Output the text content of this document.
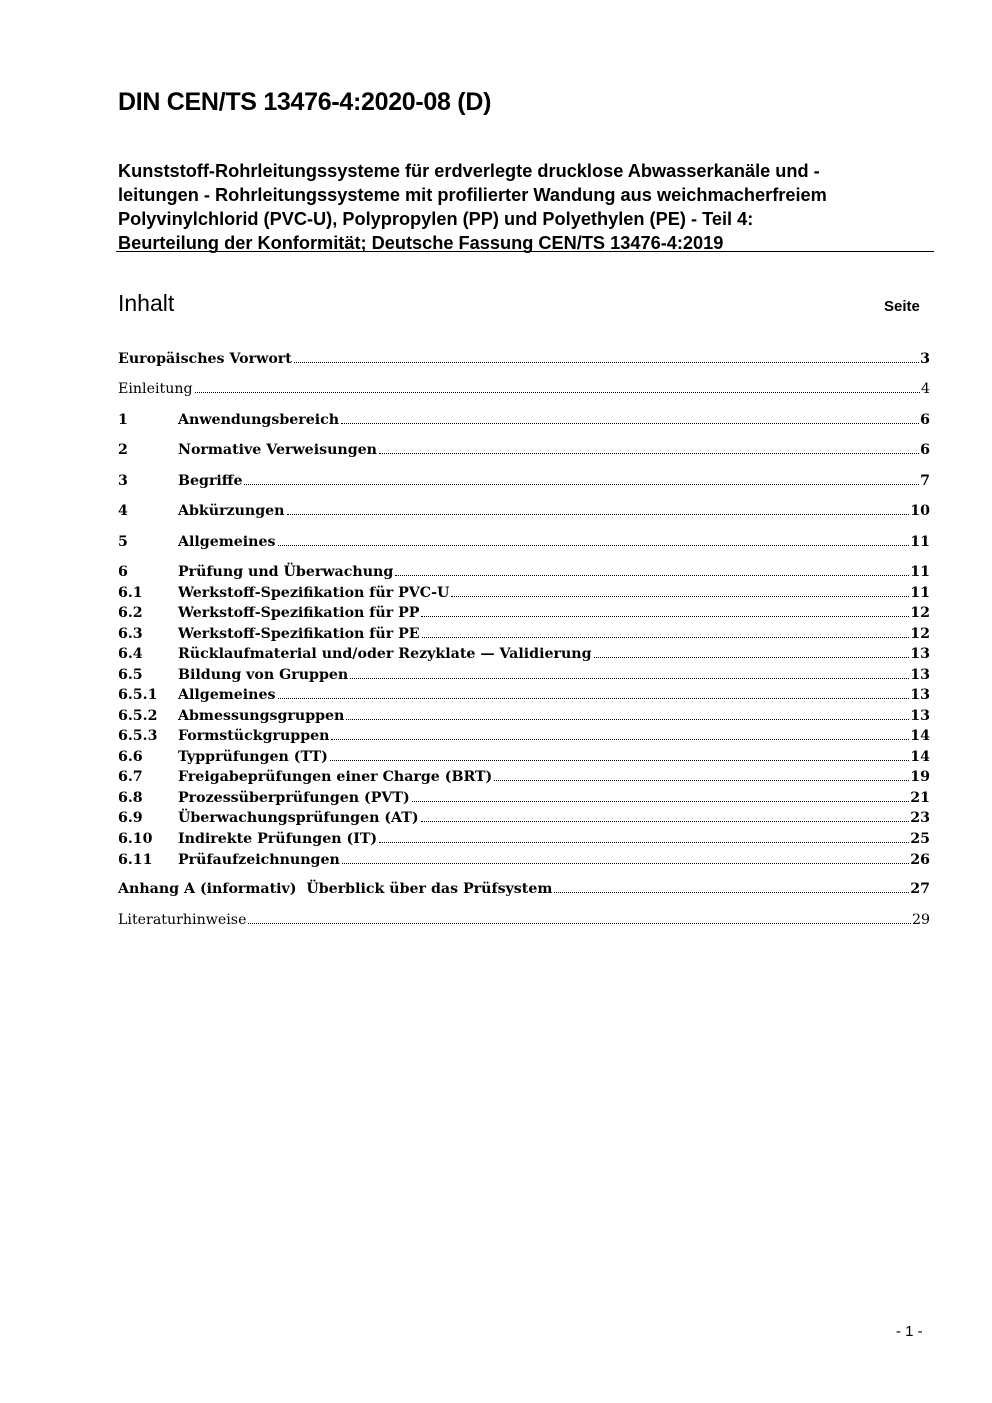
DIN CEN/TS 13476-4:2020-08 (D)
Kunststoff-Rohrleitungssysteme für erdverlegte drucklose Abwasserkanäle und -
leitungen - Rohrleitungssysteme mit profilierter Wandung aus weichmacherfreiem
Polyvinylchlorid (PVC-U), Polypropylen (PP) und Polyethylen (PE) - Teil 4:
Beurteilung der Konformität; Deutsche Fassung CEN/TS 13476-4:2019
Inhalt	Seite
Europäisches Vorwort	3
Einleitung	4
1	Anwendungsbereich	6
2	Normative Verweisungen	6
3	Begriffe	7
4	Abkürzungen	10
5	Allgemeines	11
6	Prüfung und Überwachung	11
6.1	Werkstoff-Spezifikation für PVC-U	11
6.2	Werkstoff-Spezifikation für PP	12
6.3	Werkstoff-Spezifikation für PE	12
6.4	Rücklaufmaterial und/oder Rezyklate — Validierung	13
6.5	Bildung von Gruppen	13
6.5.1	Allgemeines	13
6.5.2	Abmessungsgruppen	13
6.5.3	Formstückgruppen	14
6.6	Typprüfungen (TT)	14
6.7	Freigabeprüfungen einer Charge (BRT)	19
6.8	Prozessüberprüfungen (PVT)	21
6.9	Überwachungsprüfungen (AT)	23
6.10	Indirekte Prüfungen (IT)	25
6.11	Prüfaufzeichnungen	26
Anhang A (informativ)  Überblick über das Prüfsystem	27
Literaturhinweise	29
- 1 -
